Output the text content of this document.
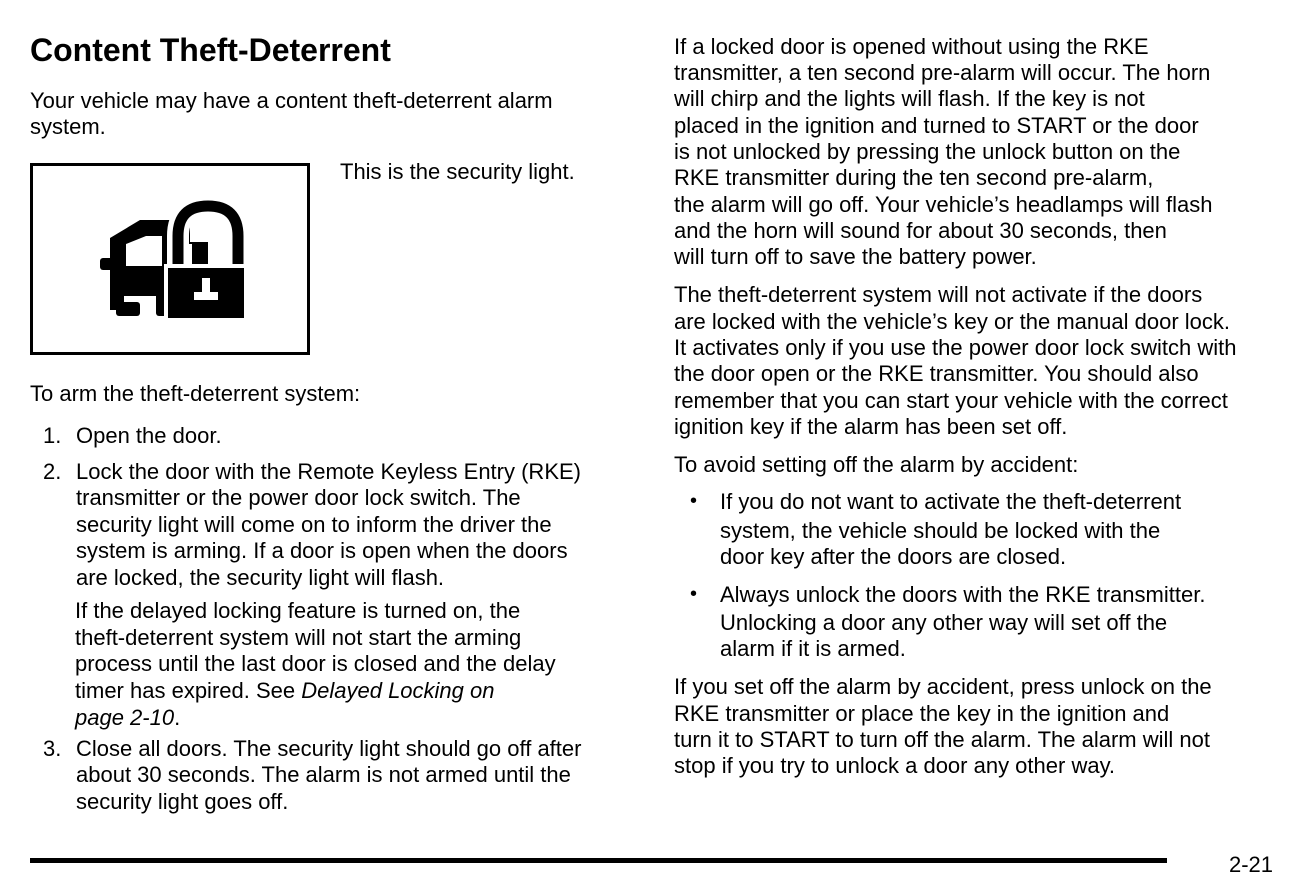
Content Theft-Deterrent

Your vehicle may have a content theft-deterrent alarm

system.

This is the security light.

To arm the theft-deterrent system:

1. Open the door.

2. Lock the door with the Remote Keyless Entry (RKE)

transmitter or the power door lock switch. The

security light will come on to inform the driver the

system is arming. If a door is open when the doors

are locked, the security light will flash.

If the delayed locking feature is turned on, the

theft-deterrent system will not start the arming

process until the last door is closed and the delay

timer has expired. See Delayed Locking on

page 2-10.

3. Close all doors. The security light should go off after

about 30 seconds. The alarm is not armed until the

security light goes off.

If a locked door is opened without using the RKE

transmitter, a ten second pre-alarm will occur. The horn

will chirp and the lights will flash. If the key is not

placed in the ignition and turned to START or the door

is not unlocked by pressing the unlock button on the

RKE transmitter during the ten second pre-alarm,

the alarm will go off. Your vehicle’s headlamps will flash

and the horn will sound for about 30 seconds, then

will turn off to save the battery power.

The theft-deterrent system will not activate if the doors

are locked with the vehicle’s key or the manual door lock.

It activates only if you use the power door lock switch with

the door open or the RKE transmitter. You should also

remember that you can start your vehicle with the correct

ignition key if the alarm has been set off.

To avoid setting off the alarm by accident:

• If you do not want to activate the theft-deterrent

system, the vehicle should be locked with the

door key after the doors are closed.

• Always unlock the doors with the RKE transmitter.

Unlocking a door any other way will set off the

alarm if it is armed.

If you set off the alarm by accident, press unlock on the

RKE transmitter or place the key in the ignition and

turn it to START to turn off the alarm. The alarm will not

stop if you try to unlock a door any other way.

2-21
